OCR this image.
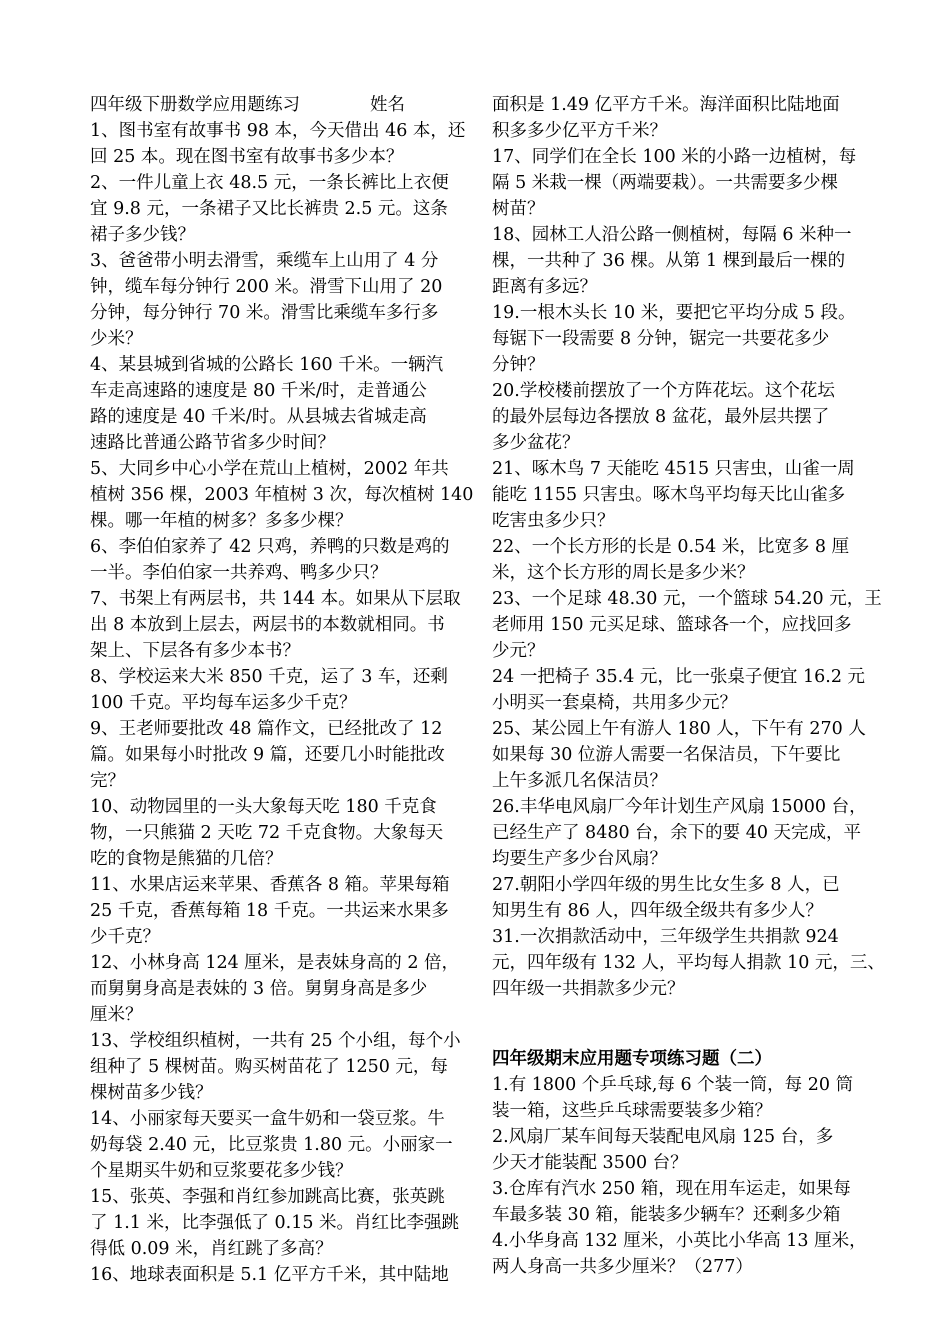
四年级下册数学应用题练习	姓名
1、图书室有故事书 98 本，今天借出 46 本，还
回 25 本。现在图书室有故事书多少本？
2、一件儿童上衣 48.5 元，一条长裤比上衣便
宜 9.8 元，一条裙子又比长裤贵 2.5 元。这条
裙子多少钱？
3、爸爸带小明去滑雪，乘缆车上山用了 4 分
钟，缆车每分钟行 200 米。滑雪下山用了 20
分钟，每分钟行 70 米。滑雪比乘缆车多行多
少米？
4、某县城到省城的公路长 160 千米。一辆汽
车走高速路的速度是 80 千米/时，走普通公
路的速度是 40 千米/时。从县城去省城走高
速路比普通公路节省多少时间？
5、大同乡中心小学在荒山上植树，2002 年共
植树 356 棵，2003 年植树 3 次，每次植树 140
棵。哪一年植的树多？多多少棵？
6、李伯伯家养了 42 只鸡，养鸭的只数是鸡的
一半。李伯伯家一共养鸡、鸭多少只？
7、书架上有两层书，共 144 本。如果从下层取
出 8 本放到上层去，两层书的本数就相同。书
架上、下层各有多少本书？
8、学校运来大米 850 千克，运了 3 车，还剩
100 千克。平均每车运多少千克？
9、王老师要批改 48 篇作文，已经批改了 12
篇。如果每小时批改 9 篇，还要几小时能批改
完？
10、动物园里的一头大象每天吃 180 千克食
物，一只熊猫 2 天吃 72 千克食物。大象每天
吃的食物是熊猫的几倍？
11、水果店运来苹果、香蕉各 8 箱。苹果每箱
25 千克，香蕉每箱 18 千克。一共运来水果多
少千克？
12、小林身高 124 厘米，是表妹身高的 2 倍，
而舅舅身高是表妹的 3 倍。舅舅身高是多少
厘米？
13、学校组织植树，一共有 25 个小组，每个小
组种了 5 棵树苗。购买树苗花了 1250 元，每
棵树苗多少钱？
14、小丽家每天要买一盒牛奶和一袋豆浆。牛
奶每袋 2.40 元，比豆浆贵 1.80 元。小丽家一
个星期买牛奶和豆浆要花多少钱？
15、张英、李强和肖红参加跳高比赛，张英跳
了 1.1 米，比李强低了 0.15 米。肖红比李强跳
得低 0.09 米，肖红跳了多高？
16、地球表面积是 5.1 亿平方千米，其中陆地
面积是 1.49 亿平方千米。海洋面积比陆地面
积多多少亿平方千米？
17、同学们在全长 100 米的小路一边植树，每
隔 5 米栽一棵（两端要栽）。一共需要多少棵
树苗？
18、园林工人沿公路一侧植树，每隔 6 米种一
棵，一共种了 36 棵。从第 1 棵到最后一棵的
距离有多远？
19.一根木头长 10 米，要把它平均分成 5 段。
每锯下一段需要 8 分钟，锯完一共要花多少
分钟？
20.学校楼前摆放了一个方阵花坛。这个花坛
的最外层每边各摆放 8 盆花，最外层共摆了
多少盆花？
21、啄木鸟 7 天能吃 4515 只害虫，山雀一周
能吃 1155 只害虫。啄木鸟平均每天比山雀多
吃害虫多少只？
22、一个长方形的长是 0.54 米，比宽多 8 厘
米，这个长方形的周长是多少米？
23、一个足球 48.30 元，一个篮球 54.20 元，王
老师用 150 元买足球、篮球各一个，应找回多
少元？
24 一把椅子 35.4 元，比一张桌子便宜 16.2 元
小明买一套桌椅，共用多少元？
25、某公园上午有游人 180 人，下午有 270 人
如果每 30 位游人需要一名保洁员，下午要比
上午多派几名保洁员？
26.丰华电风扇厂今年计划生产风扇 15000 台，
已经生产了 8480 台，余下的要 40 天完成，平
均要生产多少台风扇？
27.朝阳小学四年级的男生比女生多 8 人，已
知男生有 86 人，四年级全级共有多少人？
31.一次捐款活动中，三年级学生共捐款 924
元，四年级有 132 人，平均每人捐款 10 元，三、
四年级一共捐款多少元？
四年级期末应用题专项练习题（二）
1.有 1800 个乒乓球,每 6 个装一筒，每 20 筒
装一箱，这些乒乓球需要装多少箱？
2.风扇厂某车间每天装配电风扇 125 台，多
少天才能装配 3500 台？
3.仓库有汽水 250 箱，现在用车运走，如果每
车最多装 30 箱，能装多少辆车？还剩多少箱
4.小华身高 132 厘米，小英比小华高 13 厘米，
两人身高一共多少厘米？（277）
